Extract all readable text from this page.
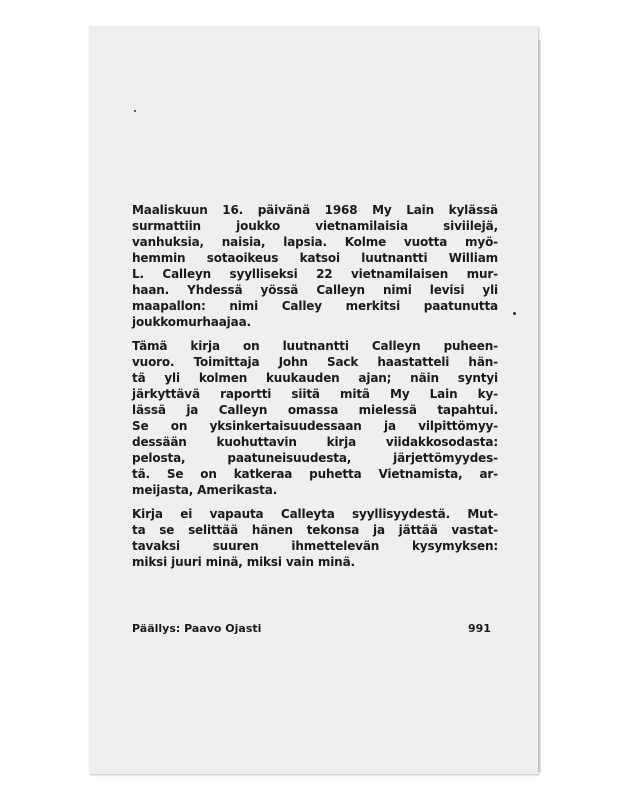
Maaliskuun 16. päivänä 1968 My Lain kylässä
surmattiin joukko vietnamilaisia siviilejä,
vanhuksia, naisia, lapsia. Kolme vuotta myö-
hemmin sotaoikeus katsoi luutnantti William
L. Calleyn syylliseksi 22 vietnamilaisen mur-
haan. Yhdessä yössä Calleyn nimi levisi yli
maapallon: nimi Calley merkitsi paatunutta
joukkomurhaajaa.
Tämä kirja on luutnantti Calleyn puheen-
vuoro. Toimittaja John Sack haastatteli hän-
tä yli kolmen kuukauden ajan; näin syntyi
järkyttävä raportti siitä mitä My Lain ky-
lässä ja Calleyn omassa mielessä tapahtui.
Se on yksinkertaisuudessaan ja vilpittömyy-
dessään kuohuttavin kirja viidakkosodasta:
pelosta, paatuneisuudesta, järjettömyydes-
tä. Se on katkeraa puhetta Vietnamista, ar-
meijasta, Amerikasta.
Kirja ei vapauta Calleyta syyllisyydestä. Mut-
ta se selittää hänen tekonsa ja jättää vastat-
tavaksi suuren ihmettelevän kysymyksen:
miksi juuri minä, miksi vain minä.
Päällys: Paavo Ojasti	991
